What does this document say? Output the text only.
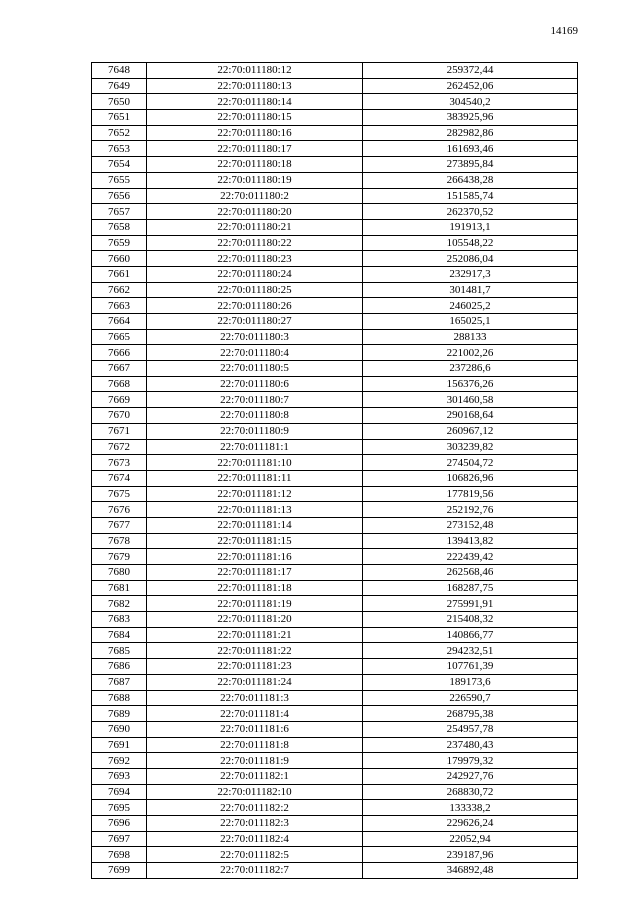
14169
7648	22:70:011180:12	259372,44
7649	22:70:011180:13	262452,06
7650	22:70:011180:14	304540,2
7651	22:70:011180:15	383925,96
7652	22:70:011180:16	282982,86
7653	22:70:011180:17	161693,46
7654	22:70:011180:18	273895,84
7655	22:70:011180:19	266438,28
7656	22:70:011180:2	151585,74
7657	22:70:011180:20	262370,52
7658	22:70:011180:21	191913,1
7659	22:70:011180:22	105548,22
7660	22:70:011180:23	252086,04
7661	22:70:011180:24	232917,3
7662	22:70:011180:25	301481,7
7663	22:70:011180:26	246025,2
7664	22:70:011180:27	165025,1
7665	22:70:011180:3	288133
7666	22:70:011180:4	221002,26
7667	22:70:011180:5	237286,6
7668	22:70:011180:6	156376,26
7669	22:70:011180:7	301460,58
7670	22:70:011180:8	290168,64
7671	22:70:011180:9	260967,12
7672	22:70:011181:1	303239,82
7673	22:70:011181:10	274504,72
7674	22:70:011181:11	106826,96
7675	22:70:011181:12	177819,56
7676	22:70:011181:13	252192,76
7677	22:70:011181:14	273152,48
7678	22:70:011181:15	139413,82
7679	22:70:011181:16	222439,42
7680	22:70:011181:17	262568,46
7681	22:70:011181:18	168287,75
7682	22:70:011181:19	275991,91
7683	22:70:011181:20	215408,32
7684	22:70:011181:21	140866,77
7685	22:70:011181:22	294232,51
7686	22:70:011181:23	107761,39
7687	22:70:011181:24	189173,6
7688	22:70:011181:3	226590,7
7689	22:70:011181:4	268795,38
7690	22:70:011181:6	254957,78
7691	22:70:011181:8	237480,43
7692	22:70:011181:9	179979,32
7693	22:70:011182:1	242927,76
7694	22:70:011182:10	268830,72
7695	22:70:011182:2	133338,2
7696	22:70:011182:3	229626,24
7697	22:70:011182:4	22052,94
7698	22:70:011182:5	239187,96
7699	22:70:011182:7	346892,48
